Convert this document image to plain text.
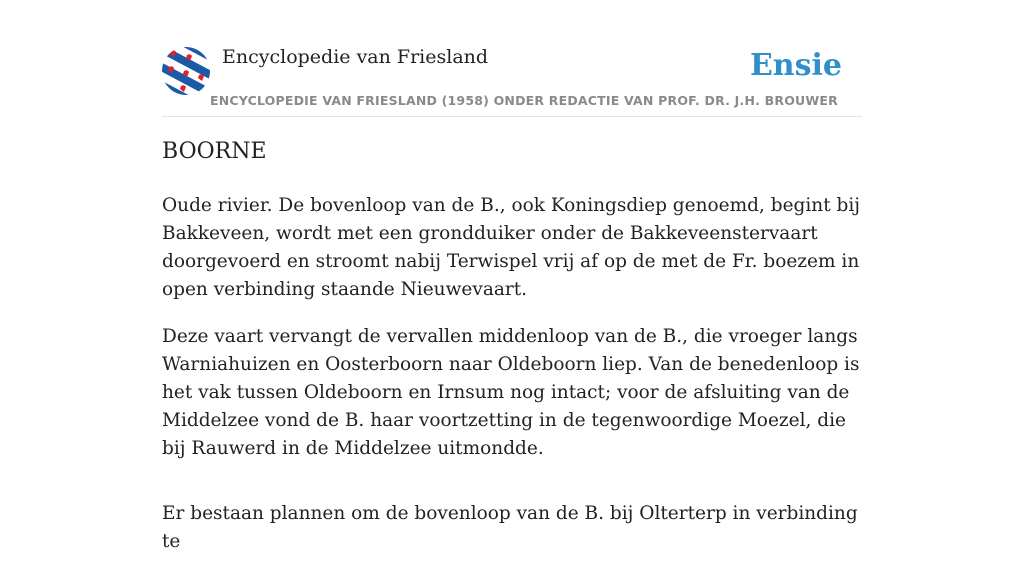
Encyclopedie van Friesland
ENCYCLOPEDIE VAN FRIESLAND (1958) ONDER REDACTIE VAN PROF. DR. J.H. BROUWER
Ensie
BOORNE

Oude rivier. De bovenloop van de B., ook Koningsdiep genoemd, begint bij Bakkeveen, wordt met een grondduiker onder de Bakkeveenstervaart doorgevoerd en stroomt nabij Terwispel vrij af op de met de Fr. boezem in open verbinding staande Nieuwevaart.

Deze vaart vervangt de vervallen middenloop van de B., die vroeger langs Warniahuizen en Oosterboorn naar Oldeboorn liep. Van de benedenloop is het vak tussen Oldeboorn en Irnsum nog intact; voor de afsluiting van de Middelzee vond de B. haar voortzetting in de tegenwoordige Moezel, die bij Rauwerd in de Middelzee uitmondde.

Er bestaan plannen om de bovenloop van de B. bij Olterterp in verbinding te
